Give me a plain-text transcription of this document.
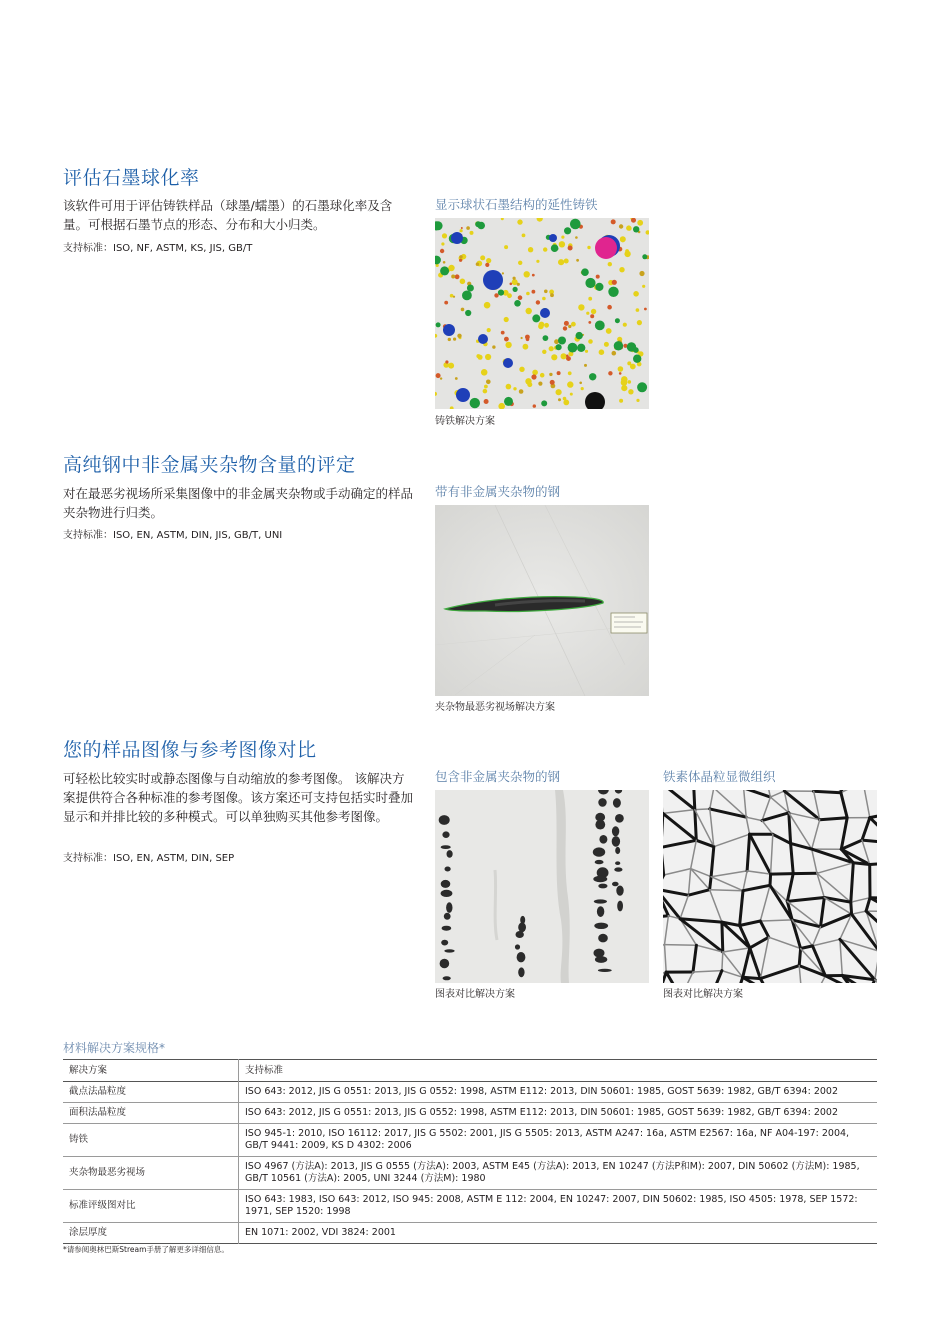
评估石墨球化率

该软件可用于评估铸铁样品（球墨/蠕墨）的石墨球化率及含量。可根据石墨节点的形态、分布和大小归类。

支持标准：ISO, NF, ASTM, KS, JIS, GB/T

显示球状石墨结构的延性铸铁

铸铁解决方案

高纯钢中非金属夹杂物含量的评定

对在最恶劣视场所采集图像中的非金属夹杂物或手动确定的样品夹杂物进行归类。

支持标准：ISO, EN, ASTM, DIN, JIS, GB/T, UNI

带有非金属夹杂物的钢

夹杂物最恶劣视场解决方案

您的样品图像与参考图像对比

可轻松比较实时或静态图像与自动缩放的参考图像。 该解决方案提供符合各种标准的参考图像。该方案还可支持包括实时叠加显示和并排比较的多种模式。可以单独购买其他参考图像。

支持标准：ISO, EN, ASTM, DIN, SEP

包含非金属夹杂物的钢

图表对比解决方案

铁素体晶粒显微组织

图表对比解决方案

材料解决方案规格*

解决方案	支持标准
截点法晶粒度	ISO 643: 2012, JIS G 0551: 2013, JIS G 0552: 1998, ASTM E112: 2013, DIN 50601: 1985, GOST 5639: 1982, GB/T 6394: 2002
面积法晶粒度	ISO 643: 2012, JIS G 0551: 2013, JIS G 0552: 1998, ASTM E112: 2013, DIN 50601: 1985, GOST 5639: 1982, GB/T 6394: 2002
铸铁	ISO 945-1: 2010, ISO 16112: 2017, JIS G 5502: 2001, JIS G 5505: 2013, ASTM A247: 16a, ASTM E2567: 16a, NF A04-197: 2004, GB/T 9441: 2009, KS D 4302: 2006
夹杂物最恶劣视场	ISO 4967 (方法A): 2013, JIS G 0555 (方法A): 2003, ASTM E45 (方法A): 2013, EN 10247 (方法P和M): 2007, DIN 50602 (方法M): 1985, GB/T 10561 (方法A): 2005, UNI 3244 (方法M): 1980
标准评级图对比	ISO 643: 1983, ISO 643: 2012, ISO 945: 2008, ASTM E 112: 2004, EN 10247: 2007, DIN 50602: 1985, ISO 4505: 1978, SEP 1572: 1971, SEP 1520: 1998
涂层厚度	EN 1071: 2002, VDI 3824: 2001

*请参阅奥林巴斯Stream手册了解更多详细信息。
